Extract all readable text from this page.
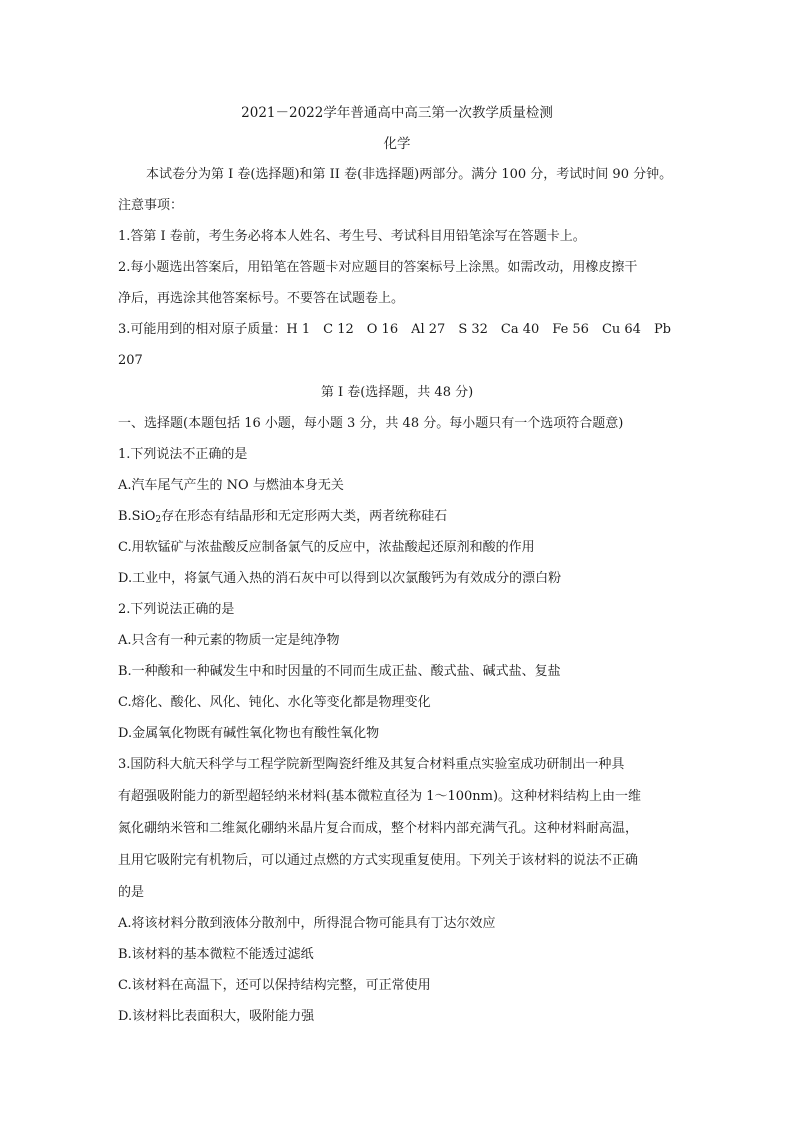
2021－2022学年普通高中高三第一次教学质量检测
化学
本试卷分为第 I 卷(选择题)和第 II 卷(非选择题)两部分。满分 100 分，考试时间 90 分钟。
注意事项：
1.答第 I 卷前，考生务必将本人姓名、考生号、考试科目用铅笔涂写在答题卡上。
2.每小题选出答案后，用铅笔在答题卡对应题目的答案标号上涂黑。如需改动，用橡皮擦干
净后，再选涂其他答案标号。不要答在试题卷上。
3.可能用到的相对原子质量：H 1　C 12　O 16　Al 27　S 32　Ca 40　Fe 56　Cu 64　Pb
207
第 I 卷(选择题，共 48 分)
一、选择题(本题包括 16 小题，每小题 3 分，共 48 分。每小题只有一个选项符合题意)
1.下列说法不正确的是
A.汽车尾气产生的 NO 与燃油本身无关
B.SiO$_2$存在形态有结晶形和无定形两大类，两者统称硅石
C.用软锰矿与浓盐酸反应制备氯气的反应中，浓盐酸起还原剂和酸的作用
D.工业中，将氯气通入热的消石灰中可以得到以次氯酸钙为有效成分的漂白粉
2.下列说法正确的是
A.只含有一种元素的物质一定是纯净物
B.一种酸和一种碱发生中和时因量的不同而生成正盐、酸式盐、碱式盐、复盐
C.熔化、酸化、风化、钝化、水化等变化都是物理变化
D.金属氧化物既有碱性氧化物也有酸性氧化物
3.国防科大航天科学与工程学院新型陶瓷纤维及其复合材料重点实验室成功研制出一种具
有超强吸附能力的新型超轻纳米材料(基本微粒直径为 1～100nm)。这种材料结构上由一维
氮化硼纳米管和二维氮化硼纳米晶片复合而成，整个材料内部充满气孔。这种材料耐高温，
且用它吸附完有机物后，可以通过点燃的方式实现重复使用。下列关于该材料的说法不正确
的是
A.将该材料分散到液体分散剂中，所得混合物可能具有丁达尔效应
B.该材料的基本微粒不能透过滤纸
C.该材料在高温下，还可以保持结构完整，可正常使用
D.该材料比表面积大，吸附能力强
